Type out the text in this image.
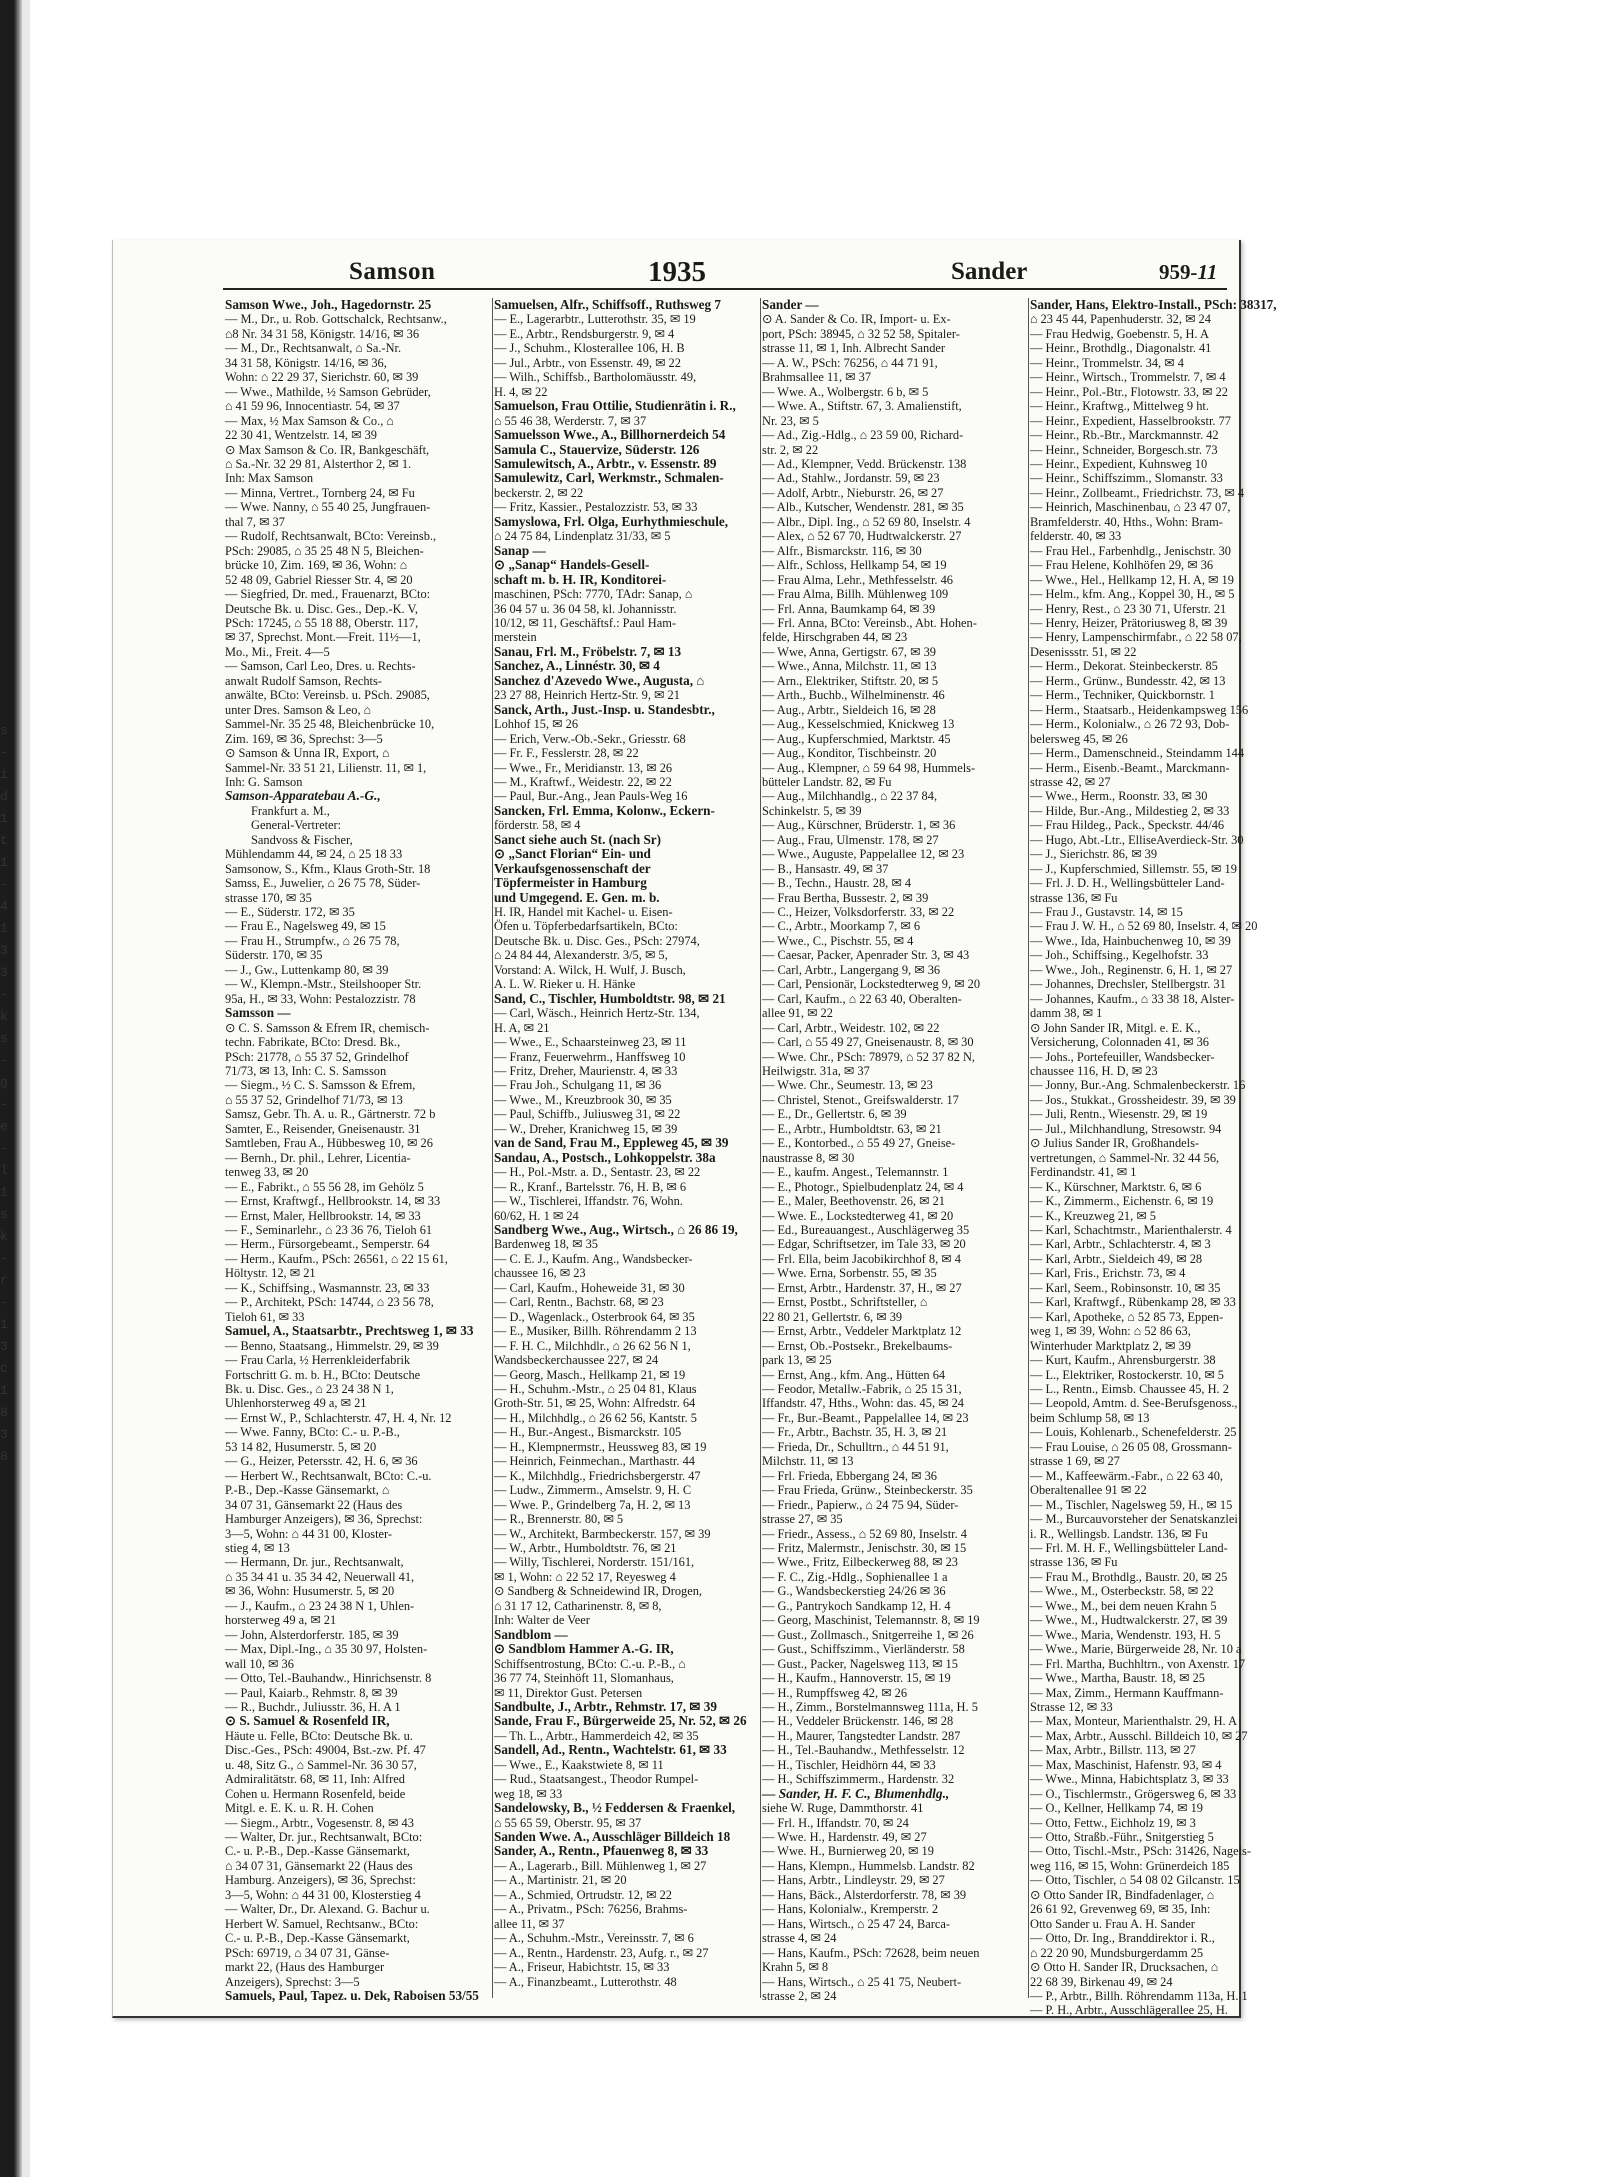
s
-
i
d
1
t
1
-
4
1
3
3
-
k
s
-
g
-
e
-
l
1
s
k
-
r
-
1
3
c
1
8
3
8
Samson	1935	Sander	959-11
Samson Wwe., Joh., Hagedornstr. 25
— M., Dr., u. Rob. Gottschalck, Rechtsanw.,
⌂8 Nr. 34 31 58, Königstr. 14/16, ✉ 36
— M., Dr., Rechtsanwalt, ⌂ Sa.-Nr.
34 31 58, Königstr. 14/16, ✉ 36,
Wohn: ⌂ 22 29 37, Sierichstr. 60, ✉ 39
— Wwe., Mathilde, ½ Samson Gebrüder,
⌂ 41 59 96, Innocentiastr. 54, ✉ 37
— Max, ½ Max Samson & Co., ⌂
22 30 41, Wentzelstr. 14, ✉ 39
⊙ Max Samson & Co. IR, Bankgeschäft,
⌂ Sa.-Nr. 32 29 81, Alsterthor 2, ✉ 1.
Inh: Max Samson
— Minna, Vertret., Tornberg 24, ✉ Fu
— Wwe. Nanny, ⌂ 55 40 25, Jungfrauen-
thal 7, ✉ 37
— Rudolf, Rechtsanwalt, BCto: Vereinsb.,
PSch: 29085, ⌂ 35 25 48 N 5, Bleichen-
brücke 10, Zim. 169, ✉ 36, Wohn: ⌂
52 48 09, Gabriel Riesser Str. 4, ✉ 20
— Siegfried, Dr. med., Frauenarzt, BCto:
Deutsche Bk. u. Disc. Ges., Dep.-K. V,
PSch: 17245, ⌂ 55 18 88, Oberstr. 117,
✉ 37, Sprechst. Mont.—Freit. 11½—1,
Mo., Mi., Freit. 4—5
— Samson, Carl Leo, Dres. u. Rechts-
anwalt Rudolf Samson, Rechts-
anwälte, BCto: Vereinsb. u. PSch. 29085,
unter Dres. Samson & Leo, ⌂
Sammel-Nr. 35 25 48, Bleichenbrücke 10,
Zim. 169, ✉ 36, Sprechst: 3—5
⊙ Samson & Unna IR, Export, ⌂
Sammel-Nr. 33 51 21, Lilienstr. 11, ✉ 1,
Inh: G. Samson
Samson-Apparatebau A.-G.,
Frankfurt a. M.,
General-Vertreter:
Sandvoss & Fischer,
Mühlendamm 44, ✉ 24, ⌂ 25 18 33
Samsonow, S., Kfm., Klaus Groth-Str. 18
Samss, E., Juwelier, ⌂ 26 75 78, Süder-
strasse 170, ✉ 35
— E., Süderstr. 172, ✉ 35
— Frau E., Nagelsweg 49, ✉ 15
— Frau H., Strumpfw., ⌂ 26 75 78,
Süderstr. 170, ✉ 35
— J., Gw., Luttenkamp 80, ✉ 39
— W., Klempn.-Mstr., Steilshooper Str.
95a, H., ✉ 33, Wohn: Pestalozzistr. 78
Samsson —
⊙ C. S. Samsson & Efrem IR, chemisch-
techn. Fabrikate, BCto: Dresd. Bk.,
PSch: 21778, ⌂ 55 37 52, Grindelhof
71/73, ✉ 13, Inh: C. S. Samsson
— Siegm., ½ C. S. Samsson & Efrem,
⌂ 55 37 52, Grindelhof 71/73, ✉ 13
Samsz, Gebr. Th. A. u. R., Gärtnerstr. 72 b
Samter, E., Reisender, Gneisenaustr. 31
Samtleben, Frau A., Hübbesweg 10, ✉ 26
— Bernh., Dr. phil., Lehrer, Licentia-
tenweg 33, ✉ 20
— E., Fabrikt., ⌂ 55 56 28, im Gehölz 5
— Ernst, Kraftwgf., Hellbrookstr. 14, ✉ 33
— Ernst, Maler, Hellbrookstr. 14, ✉ 33
— F., Seminarlehr., ⌂ 23 36 76, Tieloh 61
— Herm., Fürsorgebeamt., Semperstr. 64
— Herm., Kaufm., PSch: 26561, ⌂ 22 15 61,
Höltystr. 12, ✉ 21
— K., Schiffsing., Wasmannstr. 23, ✉ 33
— P., Architekt, PSch: 14744, ⌂ 23 56 78,
Tieloh 61, ✉ 33
Samuel, A., Staatsarbtr., Prechtsweg 1, ✉ 33
— Benno, Staatsang., Himmelstr. 29, ✉ 39
— Frau Carla, ½ Herrenkleiderfabrik
Fortschritt G. m. b. H., BCto: Deutsche
Bk. u. Disc. Ges., ⌂ 23 24 38 N 1,
Uhlenhorsterweg 49 a, ✉ 21
— Ernst W., P., Schlachterstr. 47, H. 4, Nr. 12
— Wwe. Fanny, BCto: C.- u. P.-B.,
53 14 82, Husumerstr. 5, ✉ 20
— G., Heizer, Petersstr. 42, H. 6, ✉ 36
— Herbert W., Rechtsanwalt, BCto: C.-u.
P.-B., Dep.-Kasse Gänsemarkt, ⌂
34 07 31, Gänsemarkt 22 (Haus des
Hamburger Anzeigers), ✉ 36, Sprechst:
3—5, Wohn: ⌂ 44 31 00, Kloster-
stieg 4, ✉ 13
— Hermann, Dr. jur., Rechtsanwalt,
⌂ 35 34 41 u. 35 34 42, Neuerwall 41,
✉ 36, Wohn: Husumerstr. 5, ✉ 20
— J., Kaufm., ⌂ 23 24 38 N 1, Uhlen-
horsterweg 49 a, ✉ 21
— John, Alsterdorferstr. 185, ✉ 39
— Max, Dipl.-Ing., ⌂ 35 30 97, Holsten-
wall 10, ✉ 36
— Otto, Tel.-Bauhandw., Hinrichsenstr. 8
— Paul, Kaiarb., Rehmstr. 8, ✉ 39
— R., Buchdr., Juliusstr. 36, H. A 1
⊙ S. Samuel & Rosenfeld IR,
Häute u. Felle, BCto: Deutsche Bk. u.
Disc.-Ges., PSch: 49004, Bst.-zw. Pf. 47
u. 48, Sitz G., ⌂ Sammel-Nr. 36 30 57,
Admiralitätstr. 68, ✉ 11, Inh: Alfred
Cohen u. Hermann Rosenfeld, beide
Mitgl. e. E. K. u. R. H. Cohen
— Siegm., Arbtr., Vogesenstr. 8, ✉ 43
— Walter, Dr. jur., Rechtsanwalt, BCto:
C.- u. P.-B., Dep.-Kasse Gänsemarkt,
⌂ 34 07 31, Gänsemarkt 22 (Haus des
Hamburg. Anzeigers), ✉ 36, Sprechst:
3—5, Wohn: ⌂ 44 31 00, Klosterstieg 4
— Walter, Dr., Dr. Alexand. G. Bachur u.
Herbert W. Samuel, Rechtsanw., BCto:
C.- u. P.-B., Dep.-Kasse Gänsemarkt,
PSch: 69719, ⌂ 34 07 31, Gänse-
markt 22, (Haus des Hamburger
Anzeigers), Sprechst: 3—5
Samuels, Paul, Tapez. u. Dek, Raboisen 53/55
Samuelsen, Alfr., Schiffsoff., Ruthsweg 7
— E., Lagerarbtr., Lutterothstr. 35, ✉ 19
— E., Arbtr., Rendsburgerstr. 9, ✉ 4
— J., Schuhm., Klosterallee 106, H. B
— Jul., Arbtr., von Essenstr. 49, ✉ 22
— Wilh., Schiffsb., Bartholomäusstr. 49,
H. 4, ✉ 22
Samuelson, Frau Ottilie, Studienrätin i. R.,
⌂ 55 46 38, Werderstr. 7, ✉ 37
Samuelsson Wwe., A., Billhornerdeich 54
Samula C., Stauervize, Süderstr. 126
Samulewitsch, A., Arbtr., v. Essenstr. 89
Samulewitz, Carl, Werkmstr., Schmalen-
beckerstr. 2, ✉ 22
— Fritz, Kassier., Pestalozzistr. 53, ✉ 33
Samyslowa, Frl. Olga, Eurhythmieschule,
⌂ 24 75 84, Lindenplatz 31/33, ✉ 5
Sanap —
⊙ „Sanap“ Handels-Gesell-
schaft m. b. H. IR, Konditorei-
maschinen, PSch: 7770, TAdr: Sanap, ⌂
36 04 57 u. 36 04 58, kl. Johannisstr.
10/12, ✉ 11, Geschäftsf.: Paul Ham-
merstein
Sanau, Frl. M., Fröbelstr. 7, ✉ 13
Sanchez, A., Linnéstr. 30, ✉ 4
Sanchez d'Azevedo Wwe., Augusta, ⌂
23 27 88, Heinrich Hertz-Str. 9, ✉ 21
Sanck, Arth., Just.-Insp. u. Standesbtr.,
Lohhof 15, ✉ 26
— Erich, Verw.-Ob.-Sekr., Griesstr. 68
— Fr. F., Fesslerstr. 28, ✉ 22
— Wwe., Fr., Meridianstr. 13, ✉ 26
— M., Kraftwf., Weidestr. 22, ✉ 22
— Paul, Bur.-Ang., Jean Pauls-Weg 16
Sancken, Frl. Emma, Kolonw., Eckern-
förderstr. 58, ✉ 4
Sanct siehe auch St. (nach Sr)
⊙ „Sanct Florian“ Ein- und
Verkaufsgenossenschaft der
Töpfermeister in Hamburg
und Umgegend. E. Gen. m. b.
H. IR, Handel mit Kachel- u. Eisen-
Öfen u. Töpferbedarfsartikeln, BCto:
Deutsche Bk. u. Disc. Ges., PSch: 27974,
⌂ 24 84 44, Alexanderstr. 3/5, ✉ 5,
Vorstand: A. Wilck, H. Wulf, J. Busch,
A. L. W. Rieker u. H. Hänke
Sand, C., Tischler, Humboldtstr. 98, ✉ 21
— Carl, Wäsch., Heinrich Hertz-Str. 134,
H. A, ✉ 21
— Wwe., E., Schaarsteinweg 23, ✉ 11
— Franz, Feuerwehrm., Hanffsweg 10
— Fritz, Dreher, Maurienstr. 4, ✉ 33
— Frau Joh., Schulgang 11, ✉ 36
— Wwe., M., Kreuzbrook 30, ✉ 35
— Paul, Schiffb., Juliusweg 31, ✉ 22
— W., Dreher, Kranichweg 15, ✉ 39
van de Sand, Frau M., Eppleweg 45, ✉ 39
Sandau, A., Postsch., Lohkoppelstr. 38a
— H., Pol.-Mstr. a. D., Sentastr. 23, ✉ 22
— R., Kranf., Bartelsstr. 76, H. B, ✉ 6
— W., Tischlerei, Iffandstr. 76, Wohn.
60/62, H. 1 ✉ 24
Sandberg Wwe., Aug., Wirtsch., ⌂ 26 86 19,
Bardenweg 18, ✉ 35
— C. E. J., Kaufm. Ang., Wandsbecker-
chaussee 16, ✉ 23
— Carl, Kaufm., Hoheweide 31, ✉ 30
— Carl, Rentn., Bachstr. 68, ✉ 23
— D., Wagenlack., Osterbrook 64, ✉ 35
— E., Musiker, Billh. Röhrendamm 2 13
— F. H. C., Milchhdlr., ⌂ 26 62 56 N 1,
Wandsbeckerchaussee 227, ✉ 24
— Georg, Masch., Hellkamp 21, ✉ 19
— H., Schuhm.-Mstr., ⌂ 25 04 81, Klaus
Groth-Str. 51, ✉ 25, Wohn: Alfredstr. 64
— H., Milchhdlg., ⌂ 26 62 56, Kantstr. 5
— H., Bur.-Angest., Bismarckstr. 105
— H., Klempnermstr., Heussweg 83, ✉ 19
— Heinrich, Feinmechan., Marthastr. 44
— K., Milchhdlg., Friedrichsbergerstr. 47
— Ludw., Zimmerm., Amselstr. 9, H. C
— Wwe. P., Grindelberg 7a, H. 2, ✉ 13
— R., Brennerstr. 80, ✉ 5
— W., Architekt, Barmbeckerstr. 157, ✉ 39
— W., Arbtr., Humboldtstr. 76, ✉ 21
— Willy, Tischlerei, Norderstr. 151/161,
✉ 1, Wohn: ⌂ 22 52 17, Reyesweg 4
⊙ Sandberg & Schneidewind IR, Drogen,
⌂ 31 17 12, Catharinenstr. 8, ✉ 8,
Inh: Walter de Veer
Sandblom —
⊙ Sandblom Hammer A.-G. IR,
Schiffsentrostung, BCto: C.-u. P.-B., ⌂
36 77 74, Steinhöft 11, Slomanhaus,
✉ 11, Direktor Gust. Petersen
Sandbulte, J., Arbtr., Rehmstr. 17, ✉ 39
Sande, Frau F., Bürgerweide 25, Nr. 52, ✉ 26
— Th. L., Arbtr., Hammerdeich 42, ✉ 35
Sandell, Ad., Rentn., Wachtelstr. 61, ✉ 33
— Wwe., E., Kaakstwiete 8, ✉ 11
— Rud., Staatsangest., Theodor Rumpel-
weg 18, ✉ 33
Sandelowsky, B., ½ Feddersen & Fraenkel,
⌂ 55 65 59, Oberstr. 95, ✉ 37
Sanden Wwe. A., Ausschläger Billdeich 18
Sander, A., Rentn., Pfauenweg 8, ✉ 33
— A., Lagerarb., Bill. Mühlenweg 1, ✉ 27
— A., Martinistr. 21, ✉ 20
— A., Schmied, Ortrudstr. 12, ✉ 22
— A., Privatm., PSch: 76256, Brahms-
allee 11, ✉ 37
— A., Schuhm.-Mstr., Vereinsstr. 7, ✉ 6
— A., Rentn., Hardenstr. 23, Aufg. r., ✉ 27
— A., Friseur, Habichtstr. 15, ✉ 33
— A., Finanzbeamt., Lutterothstr. 48
Sander —
⊙ A. Sander & Co. IR, Import- u. Ex-
port, PSch: 38945, ⌂ 32 52 58, Spitaler-
strasse 11, ✉ 1, Inh. Albrecht Sander
— A. W., PSch: 76256, ⌂ 44 71 91,
Brahmsallee 11, ✉ 37
— Wwe. A., Wolbergstr. 6 b, ✉ 5
— Wwe. A., Stiftstr. 67, 3. Amalienstift,
Nr. 23, ✉ 5
— Ad., Zig.-Hdlg., ⌂ 23 59 00, Richard-
str. 2, ✉ 22
— Ad., Klempner, Vedd. Brückenstr. 138
— Ad., Stahlw., Jordanstr. 59, ✉ 23
— Adolf, Arbtr., Nieburstr. 26, ✉ 27
— Alb., Kutscher, Wendenstr. 281, ✉ 35
— Albr., Dipl. Ing., ⌂ 52 69 80, Inselstr. 4
— Alex, ⌂ 52 67 70, Hudtwalckerstr. 27
— Alfr., Bismarckstr. 116, ✉ 30
— Alfr., Schloss, Hellkamp 54, ✉ 19
— Frau Alma, Lehr., Methfesselstr. 46
— Frau Alma, Billh. Mühlenweg 109
— Frl. Anna, Baumkamp 64, ✉ 39
— Frl. Anna, BCto: Vereinsb., Abt. Hohen-
felde, Hirschgraben 44, ✉ 23
— Wwe, Anna, Gertigstr. 67, ✉ 39
— Wwe., Anna, Milchstr. 11, ✉ 13
— Arn., Elektriker, Stiftstr. 20, ✉ 5
— Arth., Buchb., Wilhelminenstr. 46
— Aug., Arbtr., Sieldeich 16, ✉ 28
— Aug., Kesselschmied, Knickweg 13
— Aug., Kupferschmied, Marktstr. 45
— Aug., Konditor, Tischbeinstr. 20
— Aug., Klempner, ⌂ 59 64 98, Hummels-
bütteler Landstr. 82, ✉ Fu
— Aug., Milchhandlg., ⌂ 22 37 84,
Schinkelstr. 5, ✉ 39
— Aug., Kürschner, Brüderstr. 1, ✉ 36
— Aug., Frau, Ulmenstr. 178, ✉ 27
— Wwe., Auguste, Pappelallee 12, ✉ 23
— B., Hansastr. 49, ✉ 37
— B., Techn., Haustr. 28, ✉ 4
— Frau Bertha, Bussestr. 2, ✉ 39
— C., Heizer, Volksdorferstr. 33, ✉ 22
— C., Arbtr., Moorkamp 7, ✉ 6
— Wwe., C., Pischstr. 55, ✉ 4
— Caesar, Packer, Apenrader Str. 3, ✉ 43
— Carl, Arbtr., Langergang 9, ✉ 36
— Carl, Pensionär, Lockstedterweg 9, ✉ 20
— Carl, Kaufm., ⌂ 22 63 40, Oberalten-
allee 91, ✉ 22
— Carl, Arbtr., Weidestr. 102, ✉ 22
— Carl, ⌂ 55 49 27, Gneisenaustr. 8, ✉ 30
— Wwe. Chr., PSch: 78979, ⌂ 52 37 82 N,
Heilwigstr. 31a, ✉ 37
— Wwe. Chr., Seumestr. 13, ✉ 23
— Christel, Stenot., Greifswalderstr. 17
— E., Dr., Gellertstr. 6, ✉ 39
— E., Arbtr., Humboldtstr. 63, ✉ 21
— E., Kontorbed., ⌂ 55 49 27, Gneise-
naustrasse 8, ✉ 30
— E., kaufm. Angest., Telemannstr. 1
— E., Photogr., Spielbudenplatz 24, ✉ 4
— E., Maler, Beethovenstr. 26, ✉ 21
— Wwe. E., Lockstedterweg 41, ✉ 20
— Ed., Bureauangest., Auschlägerweg 35
— Edgar, Schriftsetzer, im Tale 33, ✉ 20
— Frl. Ella, beim Jacobikirchhof 8, ✉ 4
— Wwe. Erna, Sorbenstr. 55, ✉ 35
— Ernst, Arbtr., Hardenstr. 37, H., ✉ 27
— Ernst, Postbt., Schriftsteller, ⌂
22 80 21, Gellertstr. 6, ✉ 39
— Ernst, Arbtr., Veddeler Marktplatz 12
— Ernst, Ob.-Postsekr., Brekelbaums-
park 13, ✉ 25
— Ernst, Ang., kfm. Ang., Hütten 64
— Feodor, Metallw.-Fabrik, ⌂ 25 15 31,
Iffandstr. 47, Hths., Wohn: das. 45, ✉ 24
— Fr., Bur.-Beamt., Pappelallee 14, ✉ 23
— Fr., Arbtr., Bachstr. 35, H. 3, ✉ 21
— Frieda, Dr., Schulltrn., ⌂ 44 51 91,
Milchstr. 11, ✉ 13
— Frl. Frieda, Ebbergang 24, ✉ 36
— Frau Frieda, Grünw., Steinbeckerstr. 35
— Friedr., Papierw., ⌂ 24 75 94, Süder-
strasse 27, ✉ 35
— Friedr., Assess., ⌂ 52 69 80, Inselstr. 4
— Fritz, Malermstr., Jenischstr. 30, ✉ 15
— Wwe., Fritz, Eilbeckerweg 88, ✉ 23
— F. C., Zig.-Hdlg., Sophienallee 1 a
— G., Wandsbeckerstieg 24/26 ✉ 36
— G., Pantrykoch Sandkamp 12, H. 4
— Georg, Maschinist, Telemannstr. 8, ✉ 19
— Gust., Zollmasch., Snitgerreihe 1, ✉ 26
— Gust., Schiffszimm., Vierländerstr. 58
— Gust., Packer, Nagelsweg 113, ✉ 15
— H., Kaufm., Hannoverstr. 15, ✉ 19
— H., Rumpffsweg 42, ✉ 26
— H., Zimm., Borstelmannsweg 111a, H. 5
— H., Veddeler Brückenstr. 146, ✉ 28
— H., Maurer, Tangstedter Landstr. 287
— H., Tel.-Bauhandw., Methfesselstr. 12
— H., Tischler, Heidhörn 44, ✉ 33
— H., Schiffszimmerm., Hardenstr. 32
— Sander, H. F. C., Blumenhdlg.,
siehe W. Ruge, Dammthorstr. 41
— Frl. H., Iffandstr. 70, ✉ 24
— Wwe. H., Hardenstr. 49, ✉ 27
— Wwe. H., Burnierweg 20, ✉ 19
— Hans, Klempn., Hummelsb. Landstr. 82
— Hans, Arbtr., Lindleystr. 29, ✉ 27
— Hans, Bäck., Alsterdorferstr. 78, ✉ 39
— Hans, Kolonialw., Kremperstr. 2
— Hans, Wirtsch., ⌂ 25 47 24, Barca-
strasse 4, ✉ 24
— Hans, Kaufm., PSch: 72628, beim neuen
Krahn 5, ✉ 8
— Hans, Wirtsch., ⌂ 25 41 75, Neubert-
strasse 2, ✉ 24
Sander, Hans, Elektro-Install., PSch: 38317,
⌂ 23 45 44, Papenhuderstr. 32, ✉ 24
— Frau Hedwig, Goebenstr. 5, H. A
— Heinr., Brothdlg., Diagonalstr. 41
— Heinr., Trommelstr. 34, ✉ 4
— Heinr., Wirtsch., Trommelstr. 7, ✉ 4
— Heinr., Pol.-Btr., Flotowstr. 33, ✉ 22
— Heinr., Kraftwg., Mittelweg 9 ht.
— Heinr., Expedient, Hasselbrookstr. 77
— Heinr., Rb.-Btr., Marckmannstr. 42
— Heinr., Schneider, Borgesch.str. 73
— Heinr., Expedient, Kuhnsweg 10
— Heinr., Schiffszimm., Slomanstr. 33
— Heinr., Zollbeamt., Friedrichstr. 73, ✉ 4
— Heinrich, Maschinenbau, ⌂ 23 47 07,
Bramfelderstr. 40, Hths., Wohn: Bram-
felderstr. 40, ✉ 33
— Frau Hel., Farbenhdlg., Jenischstr. 30
— Frau Helene, Kohlhöfen 29, ✉ 36
— Wwe., Hel., Hellkamp 12, H. A, ✉ 19
— Helm., kfm. Ang., Koppel 30, H., ✉ 5
— Henry, Rest., ⌂ 23 30 71, Uferstr. 21
— Henry, Heizer, Prätoriusweg 8, ✉ 39
— Henry, Lampenschirmfabr., ⌂ 22 58 07,
Desenissstr. 51, ✉ 22
— Herm., Dekorat. Steinbeckerstr. 85
— Herm., Grünw., Bundesstr. 42, ✉ 13
— Herm., Techniker, Quickbornstr. 1
— Herm., Staatsarb., Heidenkampsweg 156
— Herm., Kolonialw., ⌂ 26 72 93, Dob-
belersweg 45, ✉ 26
— Herm., Damenschneid., Steindamm 144
— Herm., Eisenb.-Beamt., Marckmann-
strasse 42, ✉ 27
— Wwe., Herm., Roonstr. 33, ✉ 30
— Hilde, Bur.-Ang., Mildestieg 2, ✉ 33
— Frau Hildeg., Pack., Speckstr. 44/46
— Hugo, Abt.-Ltr., ElliseAverdieck-Str. 30
— J., Sierichstr. 86, ✉ 39
— J., Kupferschmied, Sillemstr. 55, ✉ 19
— Frl. J. D. H., Wellingsbütteler Land-
strasse 136, ✉ Fu
— Frau J., Gustavstr. 14, ✉ 15
— Frau J. W. H., ⌂ 52 69 80, Inselstr. 4, ✉ 20
— Wwe., Ida, Hainbuchenweg 10, ✉ 39
— Joh., Schiffsing., Kegelhofstr. 33
— Wwe., Joh., Reginenstr. 6, H. 1, ✉ 27
— Johannes, Drechsler, Stellbergstr. 31
— Johannes, Kaufm., ⌂ 33 38 18, Alster-
damm 38, ✉ 1
⊙ John Sander IR, Mitgl. e. E. K.,
Versicherung, Colonnaden 41, ✉ 36
— Johs., Portefeuiller, Wandsbecker-
chaussee 116, H. D, ✉ 23
— Jonny, Bur.-Ang. Schmalenbeckerstr. 16
— Jos., Stukkat., Grossheidestr. 39, ✉ 39
— Juli, Rentn., Wiesenstr. 29, ✉ 19
— Jul., Milchhandlung, Stresowstr. 94
⊙ Julius Sander IR, Großhandels-
vertretungen, ⌂ Sammel-Nr. 32 44 56,
Ferdinandstr. 41, ✉ 1
— K., Kürschner, Marktstr. 6, ✉ 6
— K., Zimmerm., Eichenstr. 6, ✉ 19
— K., Kreuzweg 21, ✉ 5
— Karl, Schachtmstr., Marienthalerstr. 4
— Karl, Arbtr., Schlachterstr. 4, ✉ 3
— Karl, Arbtr., Sieldeich 49, ✉ 28
— Karl, Fris., Erichstr. 73, ✉ 4
— Karl, Seem., Robinsonstr. 10, ✉ 35
— Karl, Kraftwgf., Rübenkamp 28, ✉ 33
— Karl, Apotheke, ⌂ 52 85 73, Eppen-
weg 1, ✉ 39, Wohn: ⌂ 52 86 63,
Winterhuder Marktplatz 2, ✉ 39
— Kurt, Kaufm., Ahrensburgerstr. 38
— L., Elektriker, Rostockerstr. 10, ✉ 5
— L., Rentn., Eimsb. Chaussee 45, H. 2
— Leopold, Amtm. d. See-Berufsgenoss.,
beim Schlump 58, ✉ 13
— Louis, Kohlenarb., Schenefelderstr. 25
— Frau Louise, ⌂ 26 05 08, Grossmann-
strasse 1 69, ✉ 27
— M., Kaffeewärm.-Fabr., ⌂ 22 63 40,
Oberaltenallee 91 ✉ 22
— M., Tischler, Nagelsweg 59, H., ✉ 15
— M., Burcauvorsteher der Senatskanzlei
i. R., Wellingsb. Landstr. 136, ✉ Fu
— Frl. M. H. F., Wellingsbütteler Land-
strasse 136, ✉ Fu
— Frau M., Brothdlg., Baustr. 20, ✉ 25
— Wwe., M., Osterbeckstr. 58, ✉ 22
— Wwe., M., bei dem neuen Krahn 5
— Wwe., M., Hudtwalckerstr. 27, ✉ 39
— Wwe., Maria, Wendenstr. 193, H. 5
— Wwe., Marie, Bürgerweide 28, Nr. 10 a
— Frl. Martha, Buchhltrn., von Axenstr. 17
— Wwe., Martha, Baustr. 18, ✉ 25
— Max, Zimm., Hermann Kauffmann-
Strasse 12, ✉ 33
— Max, Monteur, Marienthalstr. 29, H. A
— Max, Arbtr., Ausschl. Billdeich 10, ✉ 27
— Max, Arbtr., Billstr. 113, ✉ 27
— Max, Maschinist, Hafenstr. 93, ✉ 4
— Wwe., Minna, Habichtsplatz 3, ✉ 33
— O., Tischlermstr., Grögersweg 6, ✉ 33
— O., Kellner, Hellkamp 74, ✉ 19
— Otto, Fettw., Eichholz 19, ✉ 3
— Otto, Straßb.-Führ., Snitgerstieg 5
— Otto, Tischl.-Mstr., PSch: 31426, Nagels-
weg 116, ✉ 15, Wohn: Grünerdeich 185
— Otto, Tischler, ⌂ 54 08 02 Gilcanstr. 15
⊙ Otto Sander IR, Bindfadenlager, ⌂
26 61 92, Grevenweg 69, ✉ 35, Inh:
Otto Sander u. Frau A. H. Sander
— Otto, Dr. Ing., Branddirektor i. R.,
⌂ 22 20 90, Mundsburgerdamm 25
⊙ Otto H. Sander IR, Drucksachen, ⌂
22 68 39, Birkenau 49, ✉ 24
— P., Arbtr., Billh. Röhrendamm 113a, H. 1
— P. H., Arbtr., Ausschlägerallee 25, H.
